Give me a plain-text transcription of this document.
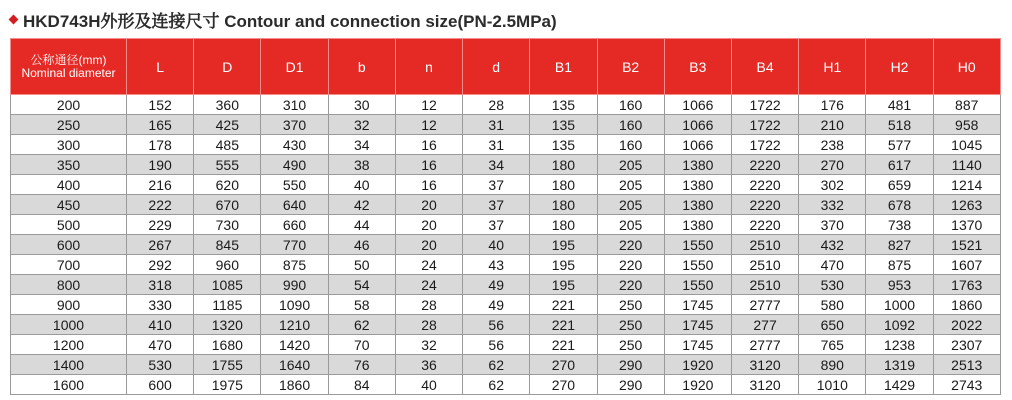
HKD743H外形及连接尺寸 Contour and connection size(PN-2.5MPa)
公称通径(mm)
Nominal diameter	L	D	D1	b	n	d	B1	B2	B3	B4	H1	H2	H0
200	152	360	310	30	12	28	135	160	1066	1722	176	481	887
250	165	425	370	32	12	31	135	160	1066	1722	210	518	958
300	178	485	430	34	16	31	135	160	1066	1722	238	577	1045
350	190	555	490	38	16	34	180	205	1380	2220	270	617	1140
400	216	620	550	40	16	37	180	205	1380	2220	302	659	1214
450	222	670	640	42	20	37	180	205	1380	2220	332	678	1263
500	229	730	660	44	20	37	180	205	1380	2220	370	738	1370
600	267	845	770	46	20	40	195	220	1550	2510	432	827	1521
700	292	960	875	50	24	43	195	220	1550	2510	470	875	1607
800	318	1085	990	54	24	49	195	220	1550	2510	530	953	1763
900	330	1185	1090	58	28	49	221	250	1745	2777	580	1000	1860
1000	410	1320	1210	62	28	56	221	250	1745	277	650	1092	2022
1200	470	1680	1420	70	32	56	221	250	1745	2777	765	1238	2307
1400	530	1755	1640	76	36	62	270	290	1920	3120	890	1319	2513
1600	600	1975	1860	84	40	62	270	290	1920	3120	1010	1429	2743
